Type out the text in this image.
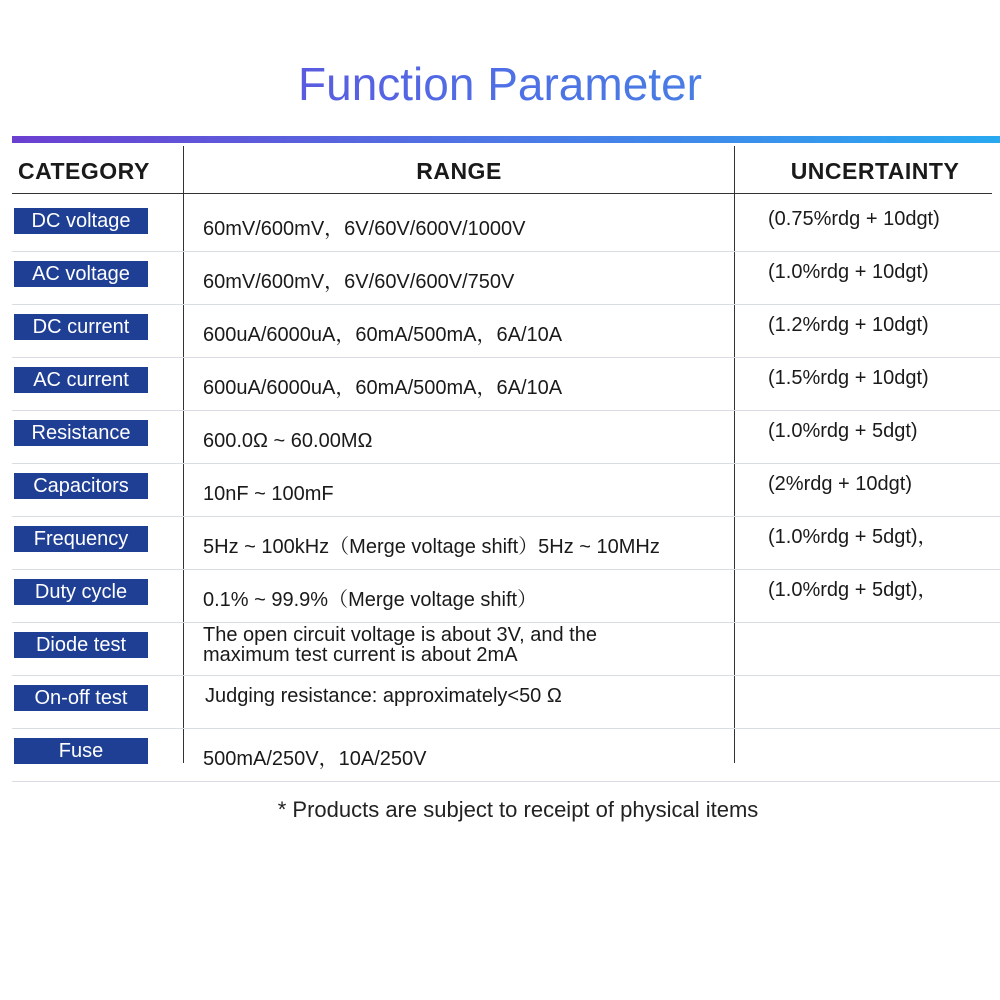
Function Parameter
CATEGORY	RANGE	UNCERTAINTY
DC voltage	60mV/600mV，6V/60V/600V/1000V	(0.75%rdg + 10dgt)
AC voltage	60mV/600mV，6V/60V/600V/750V	(1.0%rdg + 10dgt)
DC current	600uA/6000uA，60mA/500mA，6A/10A	(1.2%rdg + 10dgt)
AC current	600uA/6000uA，60mA/500mA，6A/10A	(1.5%rdg + 10dgt)
Resistance	600.0Ω ~ 60.00MΩ	(1.0%rdg + 5dgt)
Capacitors	10nF ~ 100mF	(2%rdg + 10dgt)
Frequency	5Hz ~ 100kHz（Merge voltage shift）5Hz ~ 10MHz	(1.0%rdg + 5dgt)，
Duty cycle	0.1% ~ 99.9%（Merge voltage shift）	(1.0%rdg + 5dgt)，
Diode test	The open circuit voltage is about 3V, and the
maximum test current is about 2mA
On-off test	Judging resistance: approximately<50 Ω
Fuse	500mA/250V，10A/250V
* Products are subject to receipt of physical items
